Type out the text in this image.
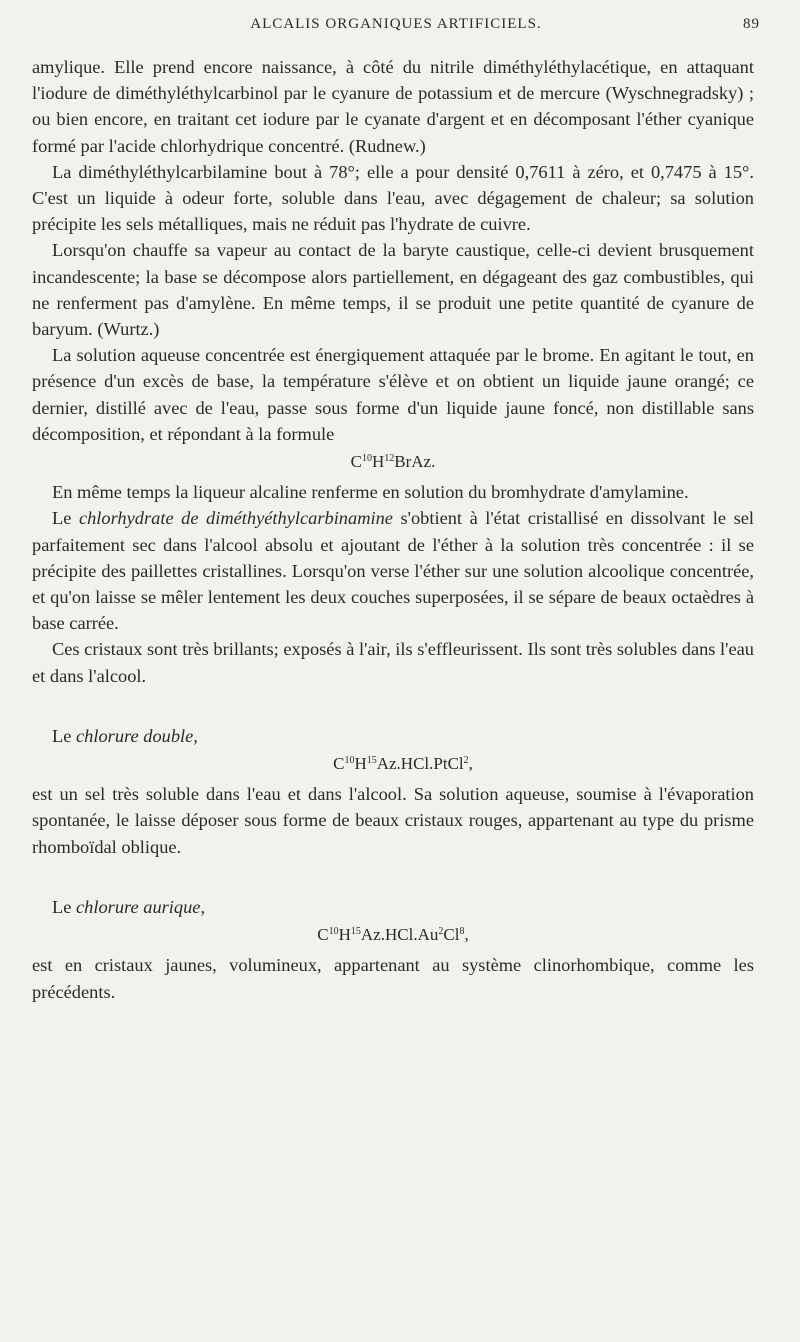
ALCALIS ORGANIQUES ARTIFICIELS.	89

amylique. Elle prend encore naissance, à côté du nitrile diméthyléthylacétique, en attaquant l'iodure de diméthyléthylcarbinol par le cyanure de potassium et de mercure (Wyschnegradsky) ; ou bien encore, en traitant cet iodure par le cyanate d'argent et en décomposant l'éther cyanique formé par l'acide chlorhydrique concentré. (Rudnew.)

La diméthyléthylcarbilamine bout à 78°; elle a pour densité 0,7611 à zéro, et 0,7475 à 15°. C'est un liquide à odeur forte, soluble dans l'eau, avec dégagement de chaleur; sa solution précipite les sels métalliques, mais ne réduit pas l'hydrate de cuivre.

Lorsqu'on chauffe sa vapeur au contact de la baryte caustique, celle-ci devient brusquement incandescente; la base se décompose alors partiellement, en dégageant des gaz combustibles, qui ne renferment pas d'amylène. En même temps, il se produit une petite quantité de cyanure de baryum. (Wurtz.)

La solution aqueuse concentrée est énergiquement attaquée par le brome. En agitant le tout, en présence d'un excès de base, la température s'élève et on obtient un liquide jaune orangé; ce dernier, distillé avec de l'eau, passe sous forme d'un liquide jaune foncé, non distillable sans décomposition, et répondant à la formule

$C^{10}H^{12}BrAz$.

En même temps la liqueur alcaline renferme en solution du bromhydrate d'amylamine.

Le chlorhydrate de diméthyéthylcarbinamine s'obtient à l'état cristallisé en dissolvant le sel parfaitement sec dans l'alcool absolu et ajoutant de l'éther à la solution très concentrée : il se précipite des paillettes cristallines. Lorsqu'on verse l'éther sur une solution alcoolique concentrée, et qu'on laisse se mêler lentement les deux couches superposées, il se sépare de beaux octaèdres à base carrée.

Ces cristaux sont très brillants; exposés à l'air, ils s'effleurissent. Ils sont très solubles dans l'eau et dans l'alcool.

Le chlorure double,

$C^{10}H^{15}Az.HCl.PtCl^2$,

est un sel très soluble dans l'eau et dans l'alcool. Sa solution aqueuse, soumise à l'évaporation spontanée, le laisse déposer sous forme de beaux cristaux rouges, appartenant au type du prisme rhomboïdal oblique.

Le chlorure aurique,

$C^{10}H^{15}Az.HCl.Au^2Cl^8$,

est en cristaux jaunes, volumineux, appartenant au système clinorhombique, comme les précédents.
